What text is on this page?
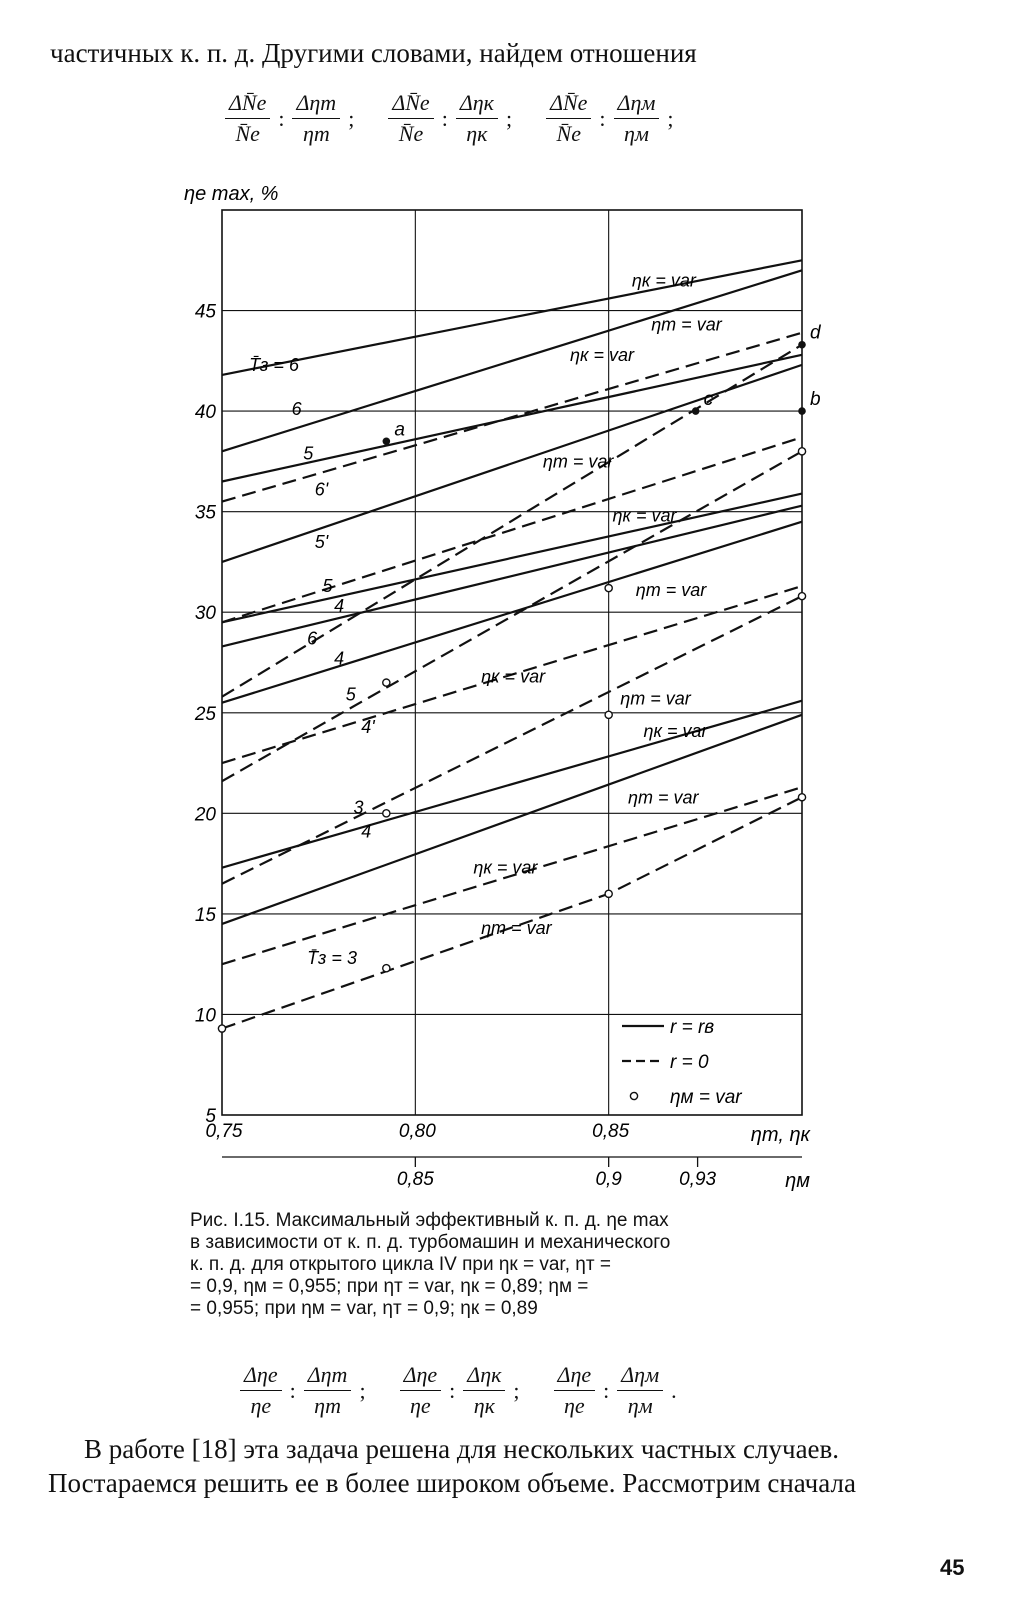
частичных к. п. д. Другими словами, найдем отношения
$\frac{\Delta N̄e}{N̄e}$ : $\frac{\text{Δηт}}{\eta т}$ ; $\frac{\Delta N̄e}{N̄e}$ : $\frac{\text{Δηк}}{\eta к}$ ; $\frac{\Delta N̄e}{N̄e}$ : $\frac{\text{Δηм}}{\eta м}$ ;
5
10
15
20
25
30
35
40
45
0,75	0,80	0,85
ηe max, %
ηт, ηк
0,85	0,9	0,93	ηм
a
b
c
d
ηк = var
ηт = var
T̄з = 6
ηк = var
6
5
6'
ηт = var
ηк = var
5'
5
4
ηт = var
6
4
ηк = var
ηт = var
5
4'	ηк = var
ηт = var
3
4
ηк = var
ηт = var
T̄з = 3
r = rв
r = 0
ηм = var
Рис. I.15. Максимальный эффективный к. п. д. ηe max
в зависимости от к. п. д. турбомашин и механического
к. п. д. для открытого цикла IV при ηк = var, ηт =
= 0,9, ηм = 0,955; при ηт = var, ηк = 0,89; ηм =
= 0,955; при ηм = var, ηт = 0,9; ηк = 0,89
$\frac{\text{Δηe}}{\eta e}$ : $\frac{\text{Δηт}}{\eta т}$ ; $\frac{\text{Δηe}}{\eta e}$ : $\frac{\text{Δηк}}{\eta к}$ ; $\frac{\text{Δηe}}{\eta e}$ : $\frac{\text{Δηм}}{\eta м}$ .
В работе [18] эта задача решена для нескольких частных случаев.
Постараемся решить ее в более широком объеме. Рассмотрим сначала
45
